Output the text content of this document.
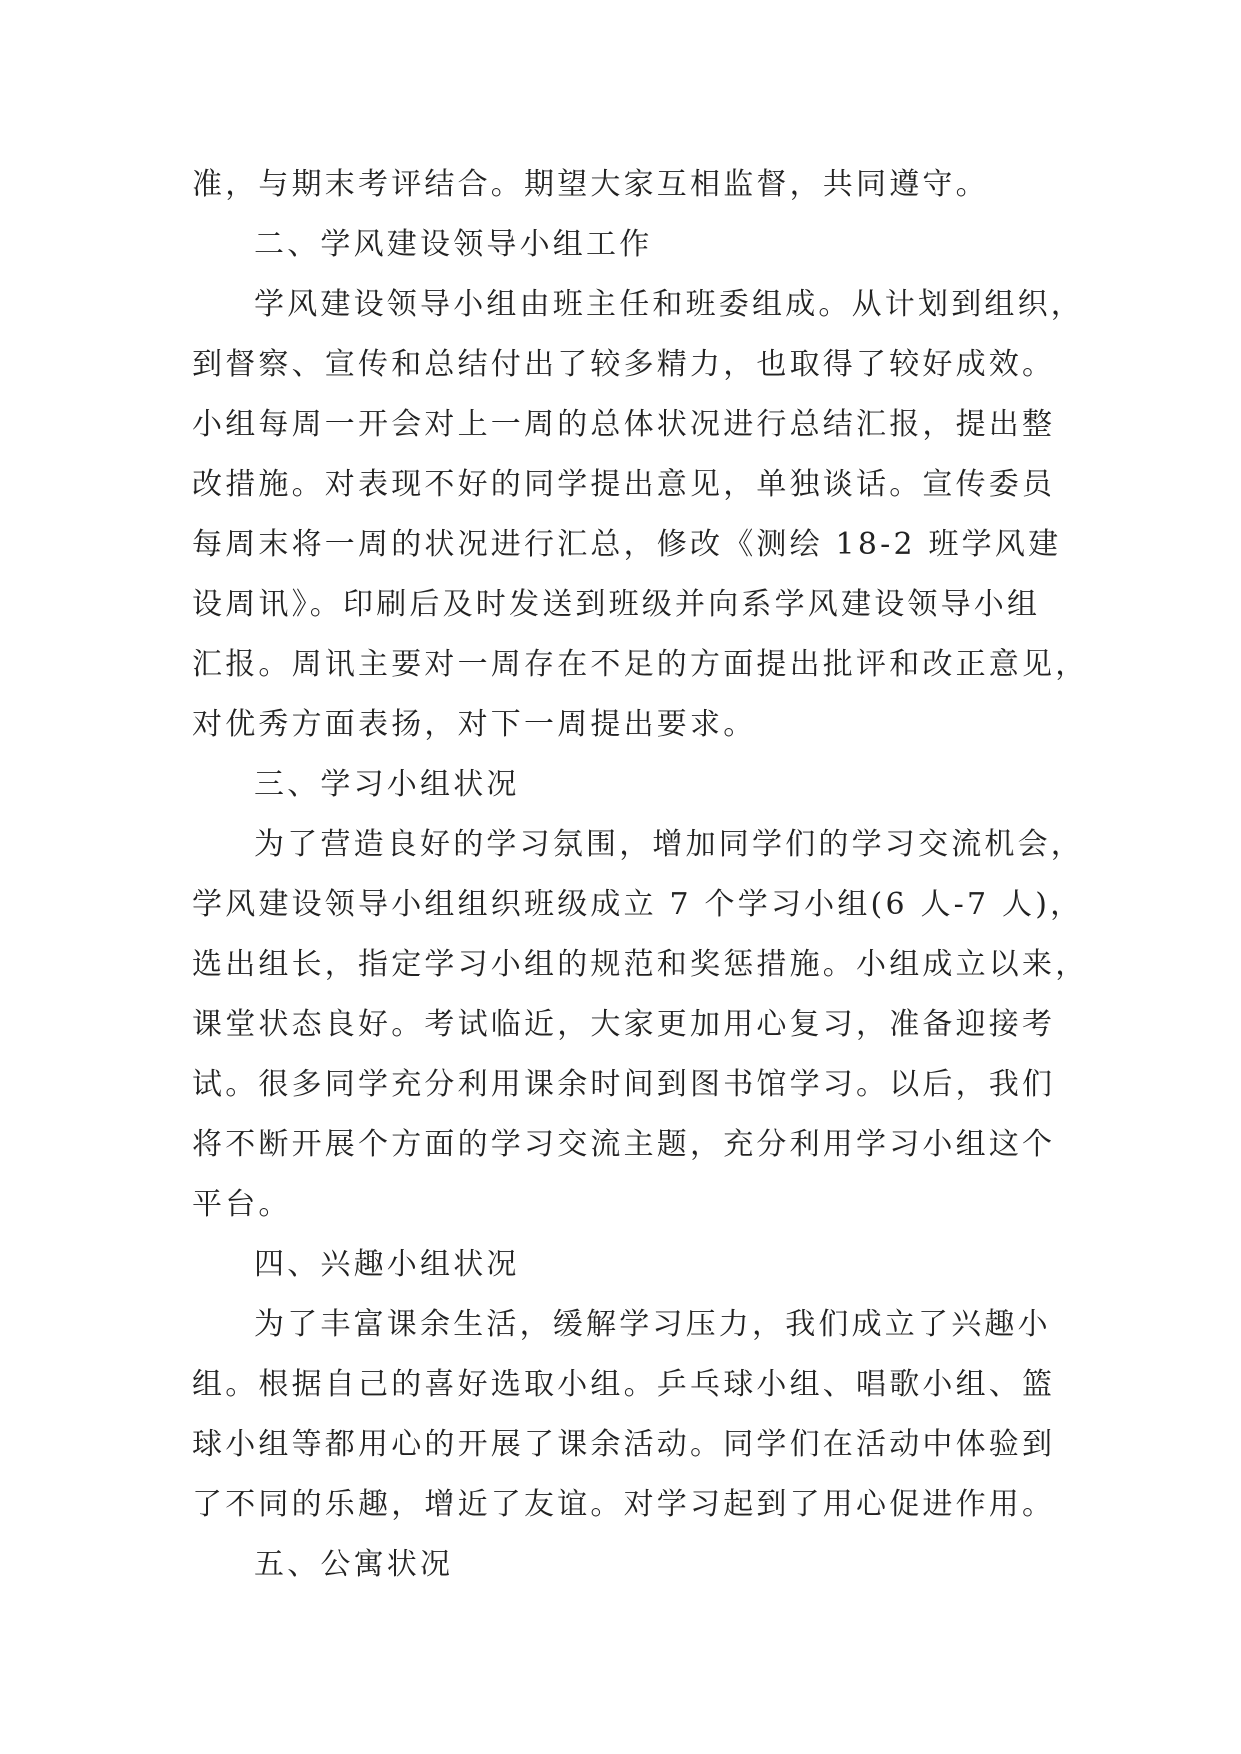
准，与期末考评结合。期望大家互相监督，共同遵守。
二、学风建设领导小组工作
学风建设领导小组由班主任和班委组成。从计划到组织，
到督察、宣传和总结付出了较多精力，也取得了较好成效。
小组每周一开会对上一周的总体状况进行总结汇报，提出整
改措施。对表现不好的同学提出意见，单独谈话。宣传委员
每周末将一周的状况进行汇总，修改《测绘 18-2 班学风建
设周讯》。印刷后及时发送到班级并向系学风建设领导小组
汇报。周讯主要对一周存在不足的方面提出批评和改正意见，
对优秀方面表扬，对下一周提出要求。
三、学习小组状况
为了营造良好的学习氛围，增加同学们的学习交流机会，
学风建设领导小组组织班级成立 7 个学习小组(6 人-7 人)，
选出组长，指定学习小组的规范和奖惩措施。小组成立以来，
课堂状态良好。考试临近，大家更加用心复习，准备迎接考
试。很多同学充分利用课余时间到图书馆学习。以后，我们
将不断开展个方面的学习交流主题，充分利用学习小组这个
平台。
四、兴趣小组状况
为了丰富课余生活，缓解学习压力，我们成立了兴趣小
组。根据自己的喜好选取小组。乒乓球小组、唱歌小组、篮
球小组等都用心的开展了课余活动。同学们在活动中体验到
了不同的乐趣，增近了友谊。对学习起到了用心促进作用。
五、公寓状况
